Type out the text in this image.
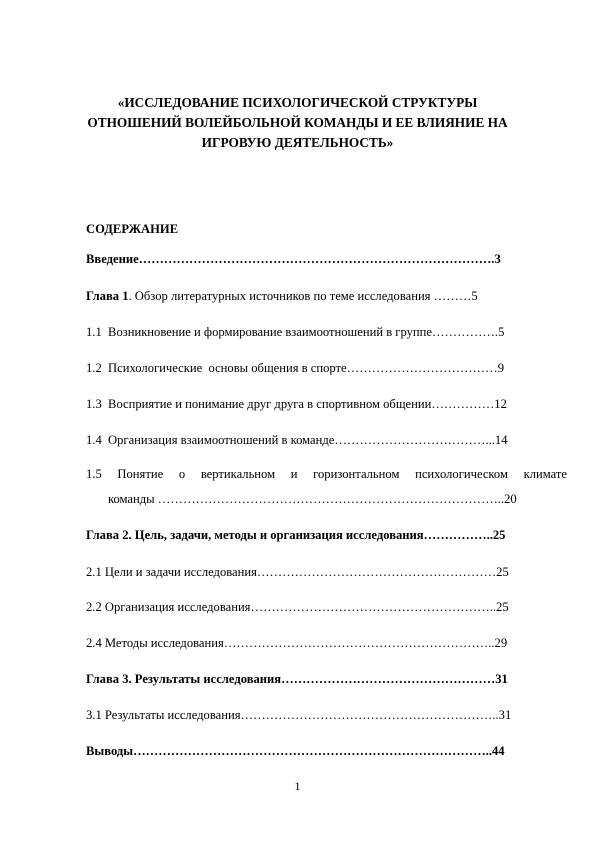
«ИССЛЕДОВАНИЕ ПСИХОЛОГИЧЕСКОЙ СТРУКТУРЫ
ОТНОШЕНИЙ ВОЛЕЙБОЛЬНОЙ КОМАНДЫ И ЕЕ ВЛИЯНИЕ НА
ИГРОВУЮ ДЕЯТЕЛЬНОСТЬ»
СОДЕРЖАНИЕ
Введение………………………………………………………………………….3
Глава 1. Обзор литературных источников по теме исследования ………5
1.1  Возникновение и формирование взаимоотношений в группе…………….5
1.2  Психологические  основы общения в спорте………………………………9
1.3  Восприятие и понимание друг друга в спортивном общении……………12
1.4  Организация взаимоотношений в команде………………………………...14
1.5 Понятие о вертикальном и горизонтальном психологическом климате
команды ………………………………………………………………………..20
Глава 2. Цель, задачи, методы и организация исследования……………..25
2.1 Цели и задачи исследования…………………………………………………25
2.2 Организация исследования…………………………………………………..25
2.4 Методы исследования………………………………………………………..29
Глава 3. Результаты исследования……………………………………………31
3.1 Результаты исследования……………………………………………………..31
Выводы…………………………………………………………………………..44
1
